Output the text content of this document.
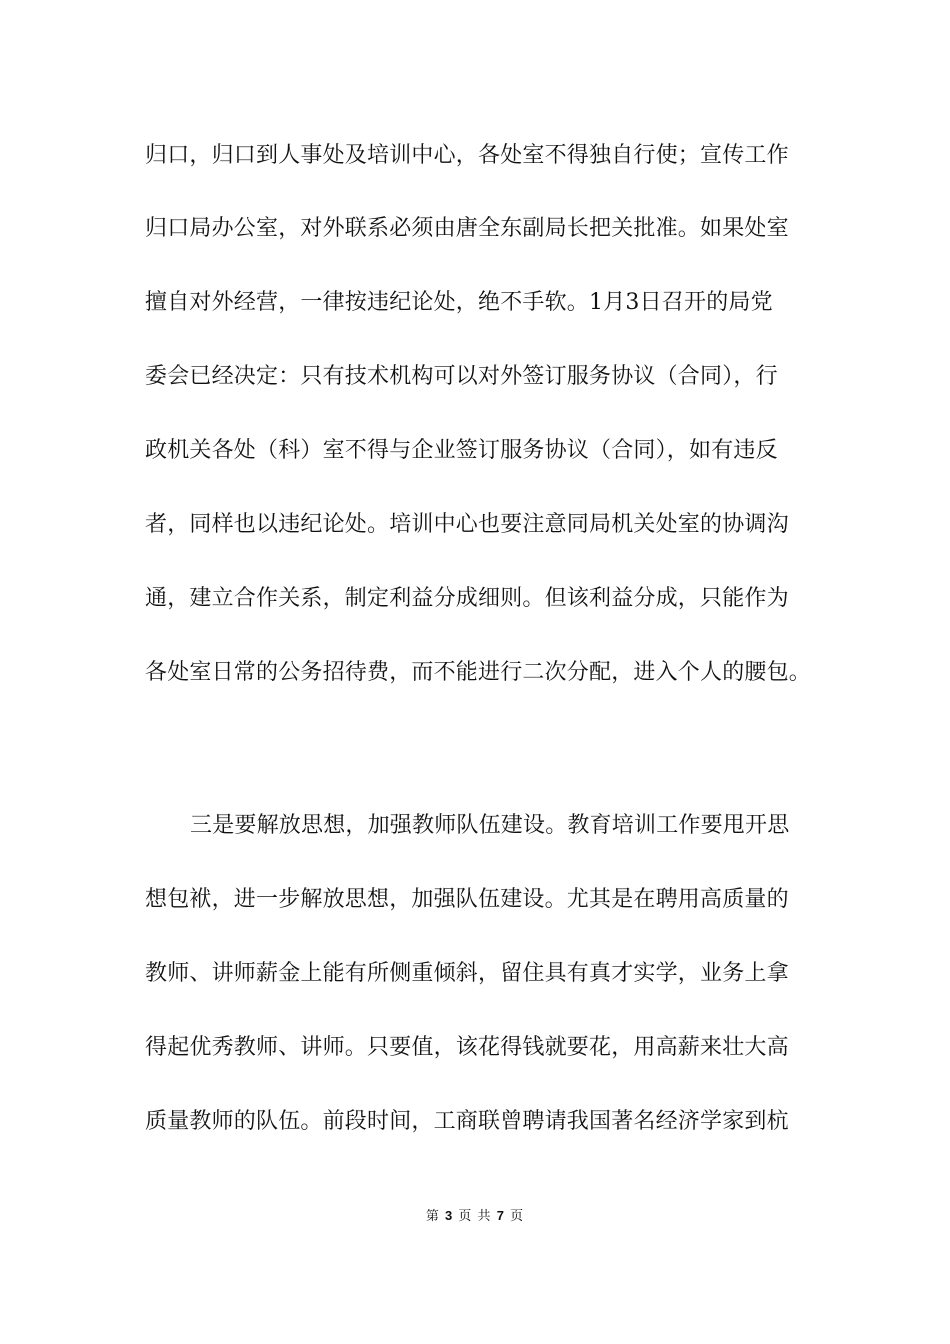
归口，归口到人事处及培训中心，各处室不得独自行使；宣传工作
归口局办公室，对外联系必须由唐全东副局长把关批准。如果处室
擅自对外经营，一律按违纪论处，绝不手软。1月3日召开的局党
委会已经决定：只有技术机构可以对外签订服务协议（合同），行
政机关各处（科）室不得与企业签订服务协议（合同），如有违反
者，同样也以违纪论处。培训中心也要注意同局机关处室的协调沟
通，建立合作关系，制定利益分成细则。但该利益分成，只能作为
各处室日常的公务招待费，而不能进行二次分配，进入个人的腰包。
三是要解放思想，加强教师队伍建设。教育培训工作要甩开思
想包袱，进一步解放思想，加强队伍建设。尤其是在聘用高质量的
教师、讲师薪金上能有所侧重倾斜，留住具有真才实学，业务上拿
得起优秀教师、讲师。只要值，该花得钱就要花，用高薪来壮大高
质量教师的队伍。前段时间，工商联曾聘请我国著名经济学家到杭
第 3 页 共 7 页
